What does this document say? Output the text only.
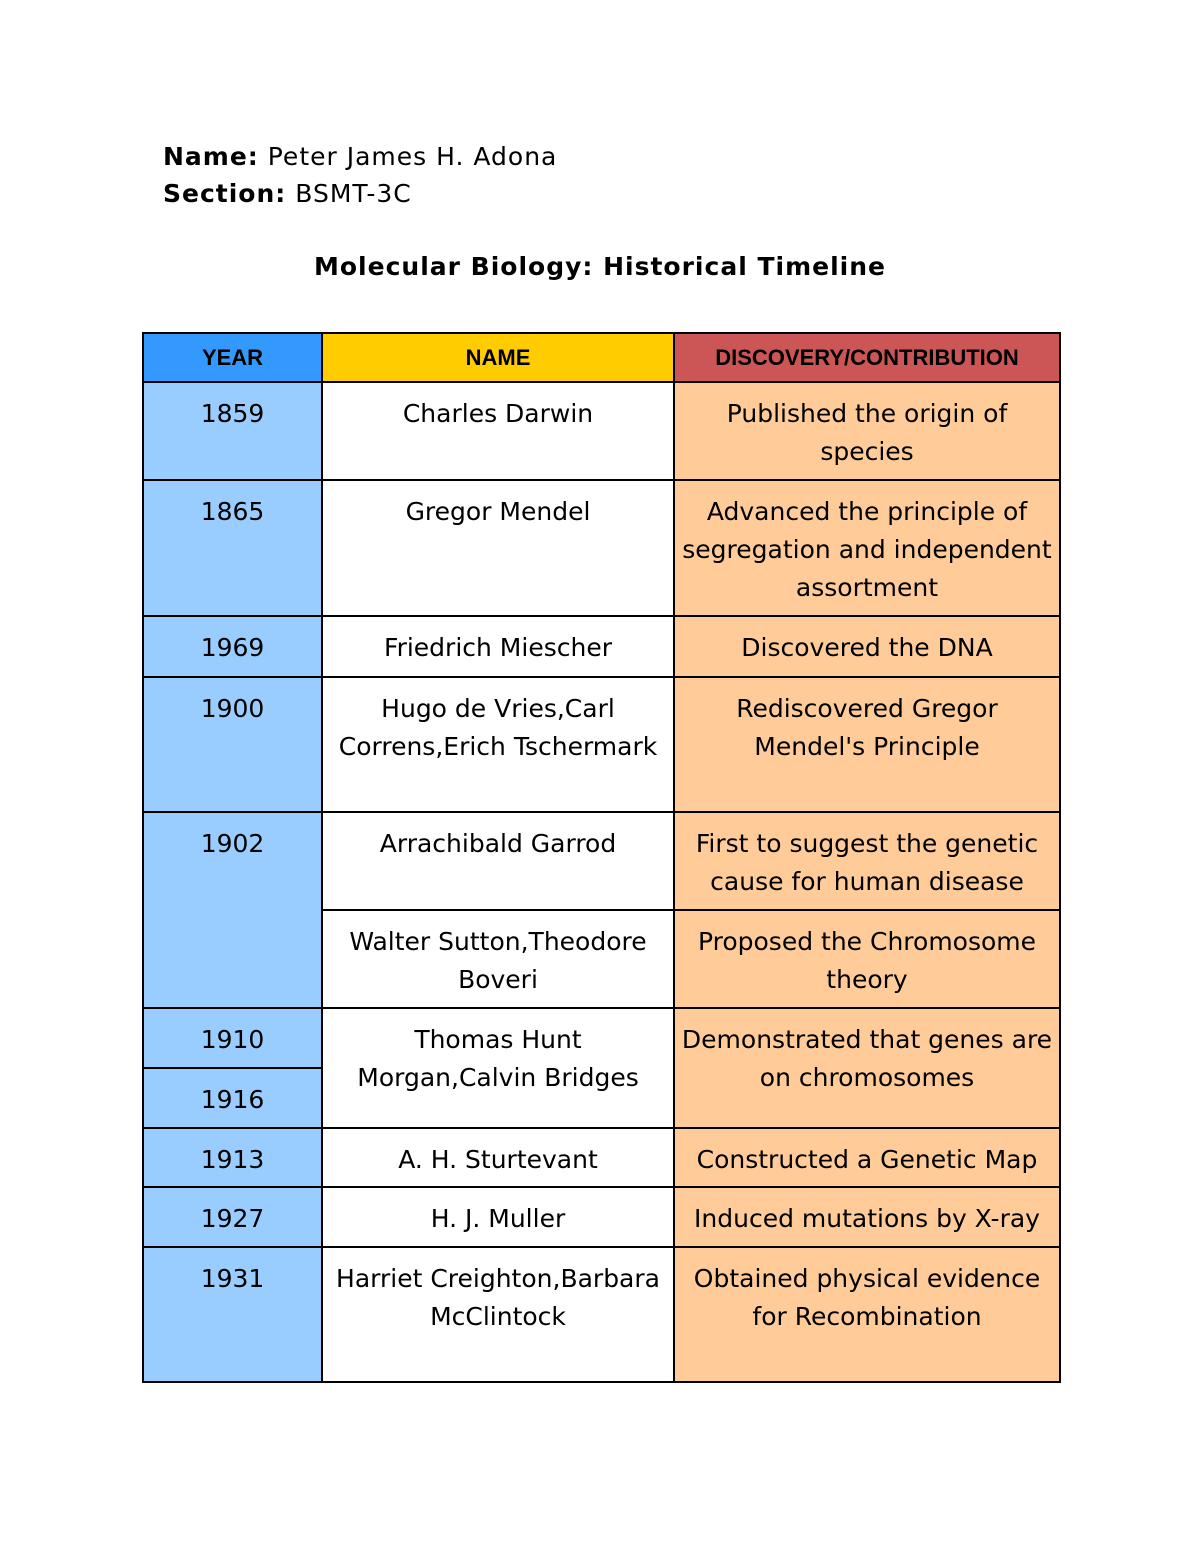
Name: Peter James H. Adona
Section: BSMT-3C
Molecular Biology: Historical Timeline
YEAR	NAME	DISCOVERY/CONTRIBUTION
1859	Charles Darwin	Published the origin of species
1865	Gregor Mendel	Advanced the principle of segregation and independent assortment
1969	Friedrich Miescher	Discovered the DNA
1900	Hugo de Vries,Carl Correns,Erich Tschermark	Rediscovered Gregor Mendel's Principle
1902	Arrachibald Garrod	First to suggest the genetic cause for human disease
	Walter Sutton,Theodore Boveri	Proposed the Chromosome theory
1910	Thomas Hunt Morgan,Calvin Bridges	Demonstrated that genes are on chromosomes
1916		
1913	A. H. Sturtevant	Constructed a Genetic Map
1927	H. J. Muller	Induced mutations by X-ray
1931	Harriet Creighton,Barbara McClintock	Obtained physical evidence for Recombination
